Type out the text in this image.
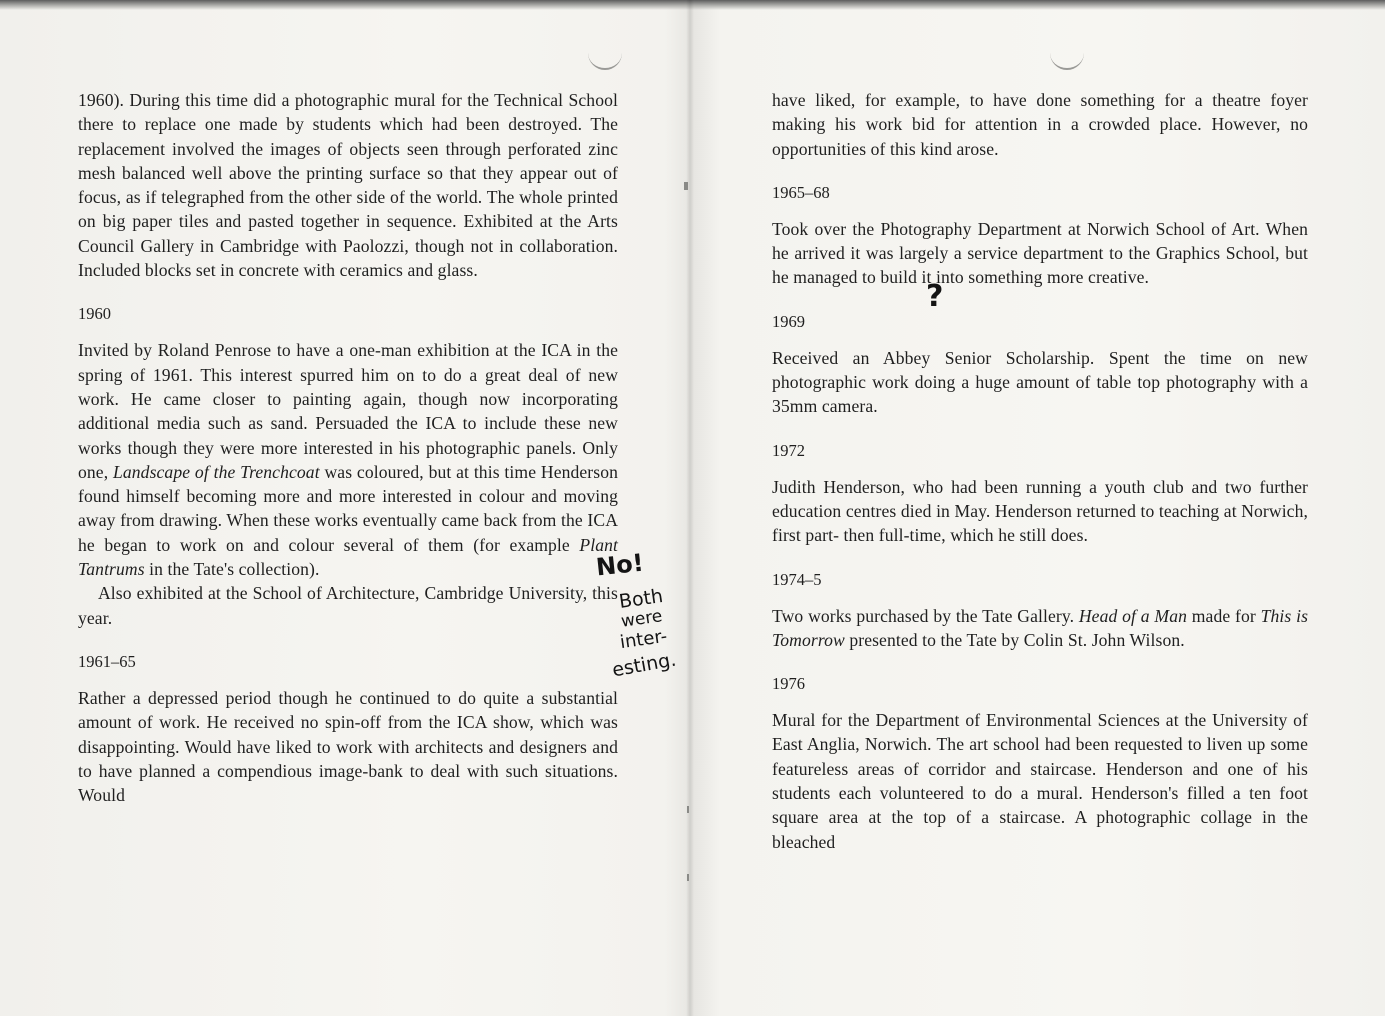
1960). During this time did a photographic mural for the Technical School there to replace one made by students which had been destroyed. The replacement involved the images of objects seen through perforated zinc mesh balanced well above the printing surface so that they appear out of focus, as if telegraphed from the other side of the world. The whole printed on big paper tiles and pasted together in sequence. Exhibited at the Arts Council Gallery in Cambridge with Paolozzi, though not in collaboration. Included blocks set in concrete with ceramics and glass.

1960

Invited by Roland Penrose to have a one-man exhibition at the ICA in the spring of 1961. This interest spurred him on to do a great deal of new work. He came closer to painting again, though now incorporating additional media such as sand. Persuaded the ICA to include these new works though they were more interested in his photographic panels. Only one, Landscape of the Trenchcoat was coloured, but at this time Henderson found himself becoming more and more interested in colour and moving away from drawing. When these works eventually came back from the ICA he began to work on and colour several of them (for example Plant Tantrums in the Tate's collection).

Also exhibited at the School of Architecture, Cambridge University, this year.

1961–65

Rather a depressed period though he continued to do quite a substantial amount of work. He received no spin-off from the ICA show, which was disappointing. Would have liked to work with architects and designers and to have planned a compendious image-bank to deal with such situations. Would

have liked, for example, to have done something for a theatre foyer making his work bid for attention in a crowded place. However, no opportunities of this kind arose.

1965–68

Took over the Photography Department at Norwich School of Art. When he arrived it was largely a service department to the Graphics School, but he managed to build it into something more creative.

1969

Received an Abbey Senior Scholarship. Spent the time on new photographic work doing a huge amount of table top photography with a 35mm camera.

1972

Judith Henderson, who had been running a youth club and two further education centres died in May. Henderson returned to teaching at Norwich, first part- then full-time, which he still does.

1974–5

Two works purchased by the Tate Gallery. Head of a Man made for This is Tomorrow presented to the Tate by Colin St. John Wilson.

1976

Mural for the Department of Environmental Sciences at the University of East Anglia, Norwich. The art school had been requested to liven up some featureless areas of corridor and staircase. Henderson and one of his students each volunteered to do a mural. Henderson's filled a ten foot square area at the top of a staircase. A photographic collage in the bleached

No!
Both
were
inter-
esting.
?
